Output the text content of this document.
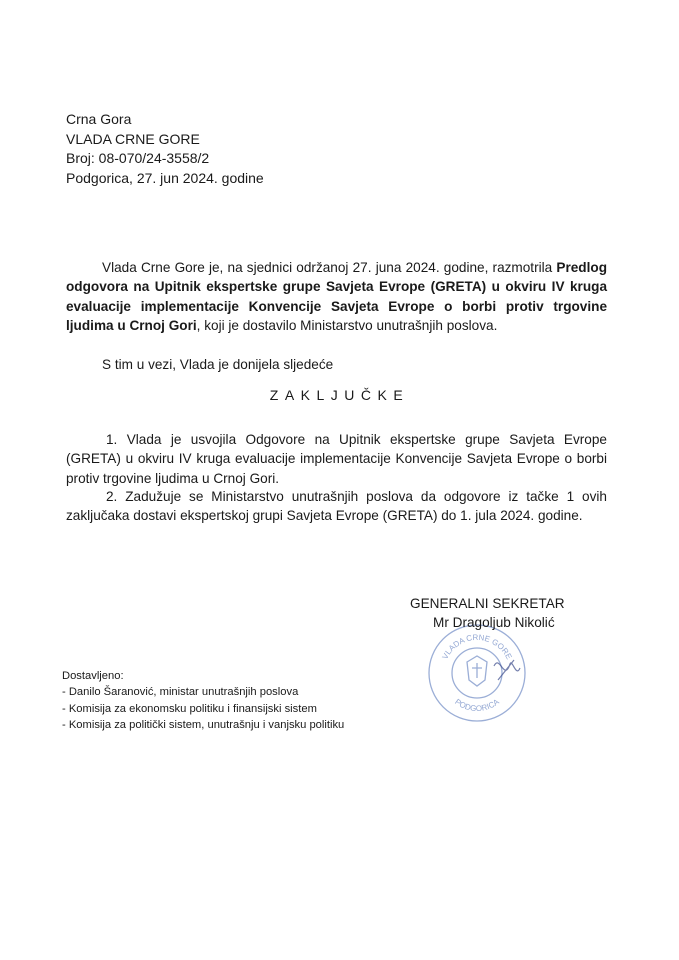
Crna Gora
VLADA CRNE GORE
Broj: 08-070/24-3558/2
Podgorica, 27. jun 2024. godine
Vlada Crne Gore je, na sjednici održanoj 27. juna 2024. godine, razmotrila Predlog odgovora na Upitnik ekspertske grupe Savjeta Evrope (GRETA) u okviru IV kruga evaluacije implementacije Konvencije Savjeta Evrope o borbi protiv trgovine ljudima u Crnoj Gori, koji je dostavilo Ministarstvo unutrašnjih poslova.
S tim u vezi, Vlada je donijela sljedeće
ZAKLJUČKE
1. Vlada je usvojila Odgovore na Upitnik ekspertske grupe Savjeta Evrope (GRETA) u okviru IV kruga evaluacije implementacije Konvencije Savjeta Evrope o borbi protiv trgovine ljudima u Crnoj Gori.
2. Zadužuje se Ministarstvo unutrašnjih poslova da odgovore iz tačke 1 ovih zaključaka dostavi ekspertskoj grupi Savjeta Evrope (GRETA) do 1. jula 2024. godine.
VLADA CRNE GORE
PODGORICA
GENERALNI SEKRETAR
Mr Dragoljub Nikolić
Dostavljeno:
- Danilo Šaranović, ministar unutrašnjih poslova
- Komisija za ekonomsku politiku i finansijski sistem
- Komisija za politički sistem, unutrašnju i vanjsku politiku
